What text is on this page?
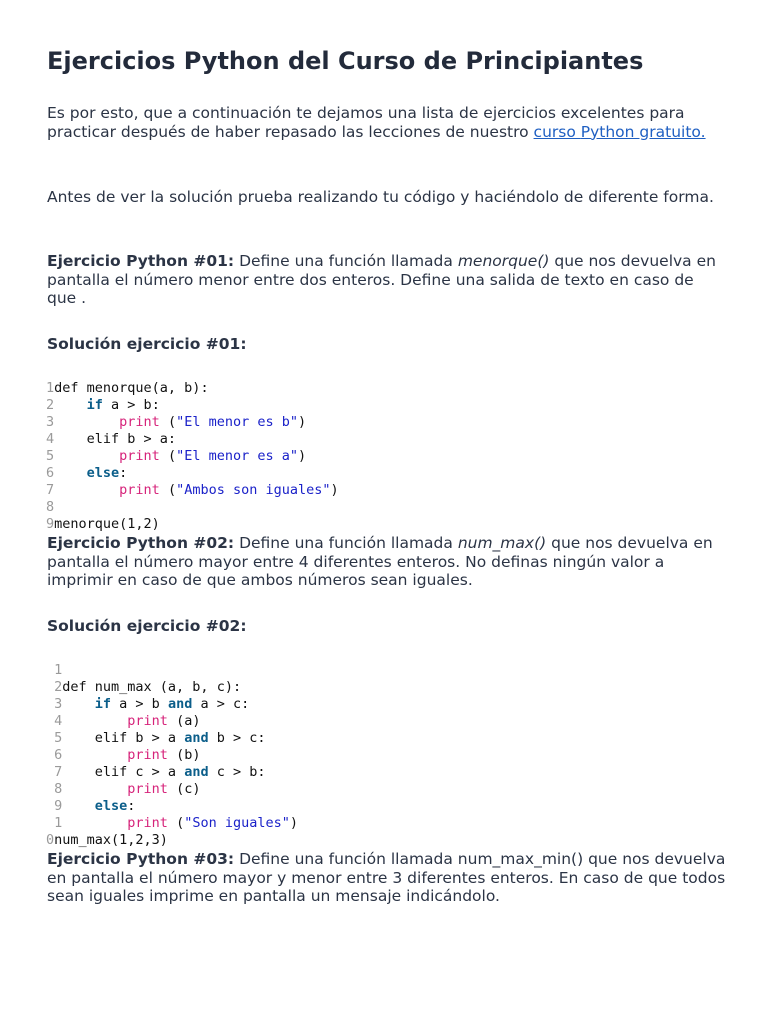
Ejercicios Python del Curso de Principiantes

Es por esto, que a continuación te dejamos una lista de ejercicios excelentes para practicar después de haber repasado las lecciones de nuestro curso Python gratuito.

Antes de ver la solución prueba realizando tu código y haciéndolo de diferente forma.

Ejercicio Python #01: Define una función llamada menorque() que nos devuelva en pantalla el número menor entre dos enteros. Define una salida de texto en caso de que .

Solución ejercicio #01:

1def menorque(a, b):
2 if a > b:
3	print ("El menor es b")
4    elif b > a:
5	print ("El menor es a")
6 else:
7	print ("Ambos son iguales")
8
9menorque(1,2)

Ejercicio Python #02: Define una función llamada num_max() que nos devuelva en pantalla el número mayor entre 4 diferentes enteros. No definas ningún valor a imprimir en caso de que ambos números sean iguales.

Solución ejercicio #02:

1
2def num_max (a, b, c):
3 if a > b and a > c:
4	print (a)
5    elif b > a and b > c:
6	print (b)
7    elif c > a and c > b:
8	print (c)
9 else:
1	print ("Son iguales")
0num_max(1,2,3)

Ejercicio Python #03: Define una función llamada num_max_min() que nos devuelva en pantalla el número mayor y menor entre 3 diferentes enteros. En caso de que todos sean iguales imprime en pantalla un mensaje indicándolo.
